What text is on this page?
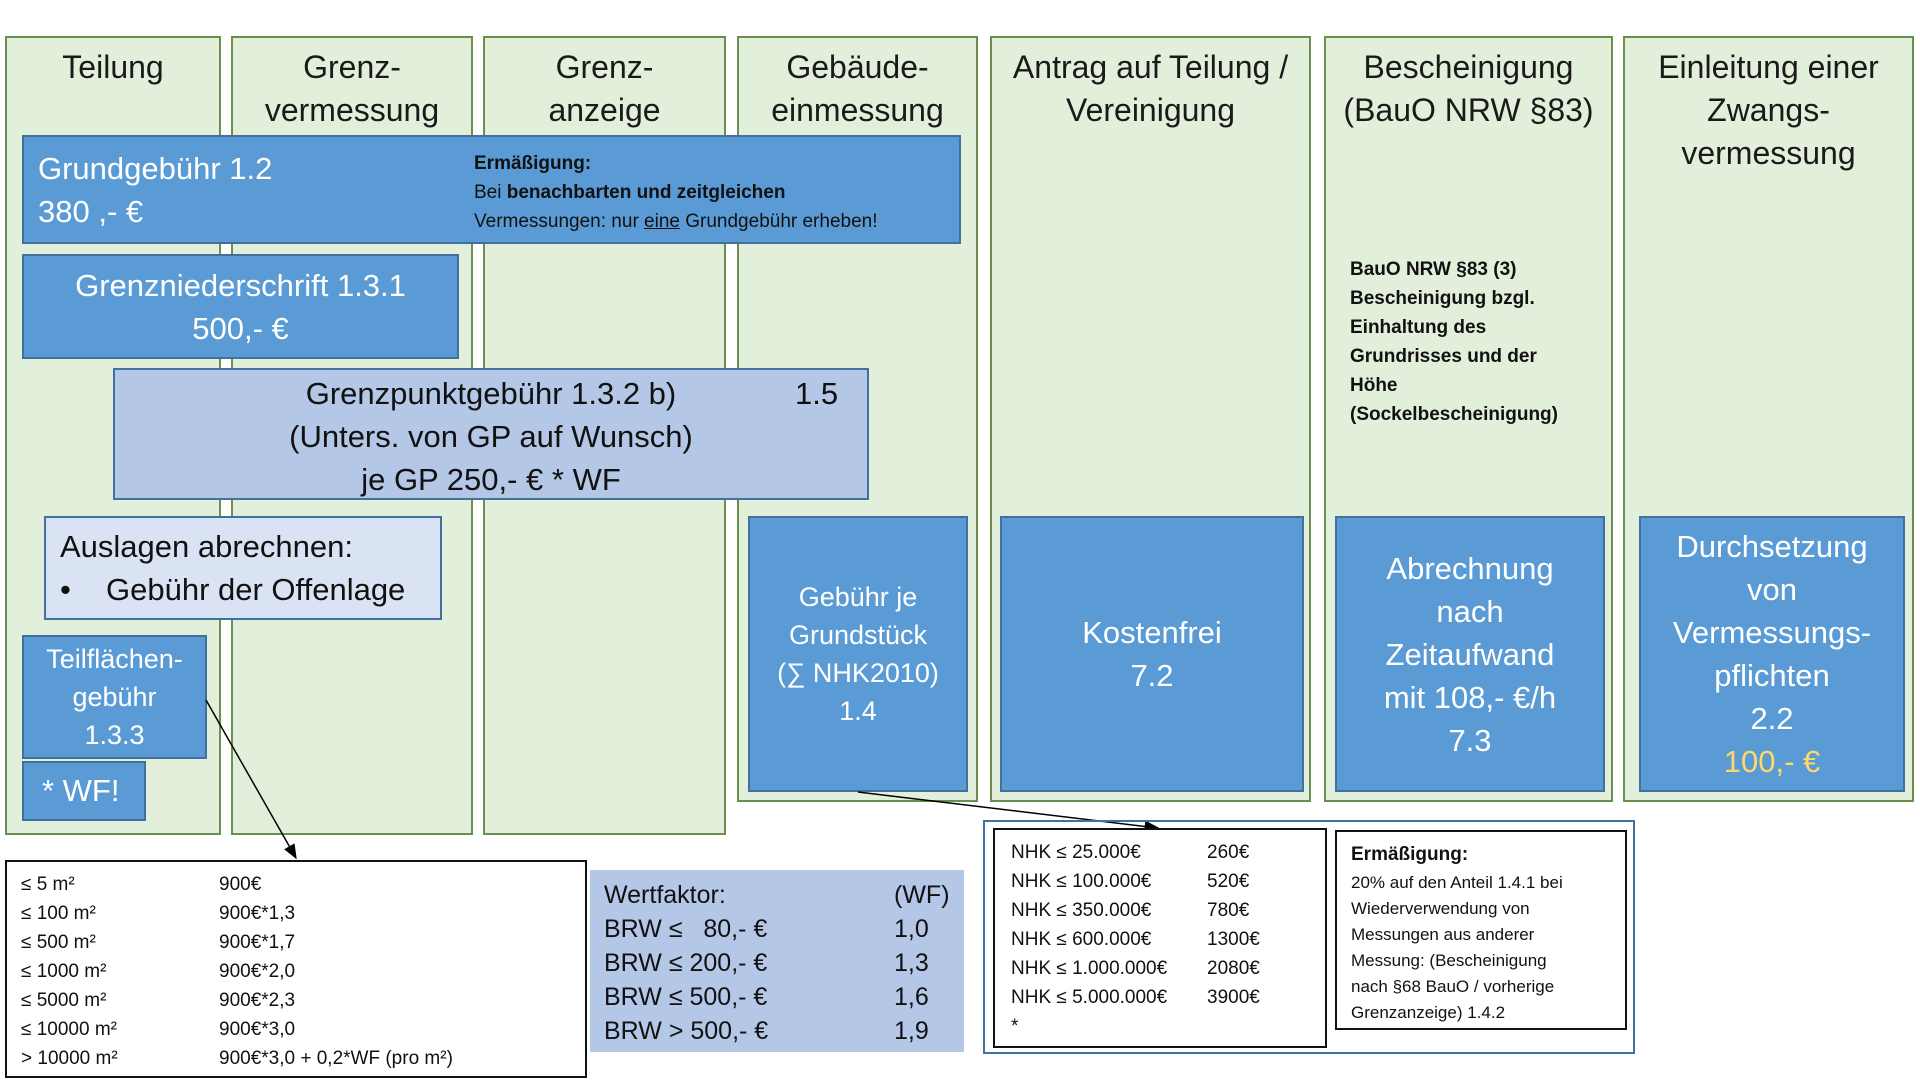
Teilung	Grenz-
vermessung
Grenz-
anzeige
Gebäude-
einmessung
Antrag auf Teilung /
Vereinigung
Bescheinigung
(BauO NRW §83)
Einleitung einer
Zwangs-
vermessung
Grundgebühr 1.2
380 ,- €
Ermäßigung:
Bei benachbarten und zeitgleichen
Vermessungen: nur eine Grundgebühr erheben!
Grenzniederschrift 1.3.1
500,- €
Grenzpunktgebühr 1.3.2 b)	1.5
(Unters. von GP auf Wunsch)
je GP 250,- € * WF
Auslagen abrechnen:
• Gebühr der Offenlage
Teilflächen-
gebühr
1.3.3
* WF!
Gebühr je
Grundstück
(∑ NHK2010)
1.4
Kostenfrei
7.2
BauO NRW §83 (3)
Bescheinigung bzgl.
Einhaltung des
Grundrisses und der
Höhe
(Sockelbescheinigung)
Abrechnung
nach
Zeitaufwand
mit 108,- €/h
7.3
Durchsetzung
von
Vermessungs-
pflichten
2.2
100,- €
≤ 5 m²	900€
≤ 100 m²	900€*1,3
≤ 500 m²	900€*1,7
≤ 1000 m²	900€*2,0
≤ 5000 m²	900€*2,3
≤ 10000 m²	900€*3,0
> 10000 m²	900€*3,0 + 0,2*WF (pro m²)
Wertfaktor:	(WF)
BRW ≤   80,- €	1,0
BRW ≤ 200,- €	1,3
BRW ≤ 500,- €	1,6
BRW > 500,- €	1,9
NHK ≤ 25.000€	260€
NHK ≤ 100.000€	520€
NHK ≤ 350.000€	780€
NHK ≤ 600.000€	1300€
NHK ≤ 1.000.000€	2080€
NHK ≤ 5.000.000€	3900€
*
Ermäßigung:
20% auf den Anteil 1.4.1 bei
Wiederverwendung von
Messungen aus anderer
Messung: (Bescheinigung
nach §68 BauO / vorherige
Grenzanzeige) 1.4.2
